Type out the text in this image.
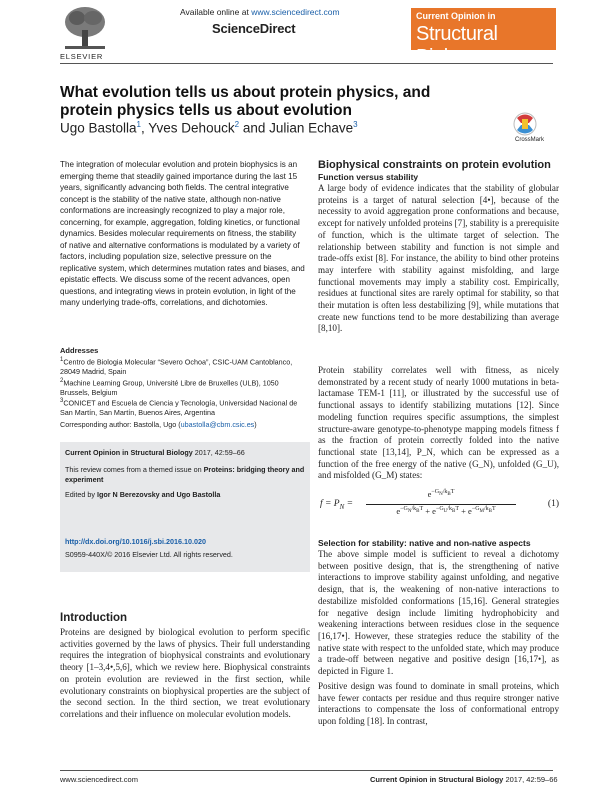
ELSEVIER
Available online at www.sciencedirect.com
ScienceDirect
Current Opinion in
Structural Biology
What evolution tells us about protein physics, and protein physics tells us about evolution
Ugo Bastolla$^1$, Yves Dehouck$^2$ and Julian Echave$^3$
CrossMark
The integration of molecular evolution and protein biophysics is an emerging theme that steadily gained importance during the last 15 years, significantly advancing both fields. The central integrative concept is the stability of the native state, although non-native conformations are increasingly recognized to play a major role, concerning, for example, aggregation, folding kinetics, or functional dynamics. Besides molecular requirements on fitness, the stability of native and alternative conformations is modulated by a variety of factors, including population size, selective pressure on the replicative system, which determines mutation rates and biases, and epistatic effects. We discuss some of the recent advances, open questions, and integrating views in protein evolution, in light of the many underlying trade-offs, correlations, and dichotomies.
Addresses
$^1$Centro de Biologia Molecular “Severo Ochoa”, CSIC-UAM Cantoblanco, 28049 Madrid, Spain
$^2$Machine Learning Group, Université Libre de Bruxelles (ULB), 1050 Brussels, Belgium
$^3$CONICET and Escuela de Ciencia y Tecnología, Universidad Nacional de San Martín, San Martín, Buenos Aires, Argentina
Corresponding author: Bastolla, Ugo (ubastolla@cbm.csic.es)
Current Opinion in Structural Biology 2017, 42:59–66
This review comes from a themed issue on Proteins: bridging theory and experiment
Edited by Igor N Berezovsky and Ugo Bastolla
http://dx.doi.org/10.1016/j.sbi.2016.10.020
S0959-440X/© 2016 Elsevier Ltd. All rights reserved.
Introduction
Proteins are designed by biological evolution to perform specific activities governed by the laws of physics. Their full understanding requires the integration of biophysical constraints and evolutionary theory [1–3,4•,5,6], which we review here. Biophysical constraints on protein evolution are reviewed in the first section, while evolutionary constraints on biophysical properties are the subject of the second section. In the third section, we treat evolutionary correlations and their influence on molecular evolution models.
Biophysical constraints on protein evolution
Function versus stability
A large body of evidence indicates that the stability of globular proteins is a target of natural selection [4•], because of the necessity to avoid aggregation prone conformations and because, except for natively unfolded proteins [7], stability is a prerequisite of function, which is the ultimate target of selection. The relationship between stability and function is not simple and trade-offs exist [8]. For instance, the ability to bind other proteins may interfere with stability against misfolding, and large functional movements may imply a stability cost. Empirically, residues at functional sites are rarely optimal for stability, so that their mutation is often less destabilizing [9], while mutations that create new functions tend to be more destabilizing than average [8,10].
Protein stability correlates well with fitness, as nicely demonstrated by a recent study of nearly 1000 mutations in beta-lactamase TEM-1 [11], or illustrated by the successful use of functional assays to identify stabilizing mutations [12]. Since modeling function requires specific assumptions, the simplest structure-aware genotype-to-phenotype mapping models fitness f as the fraction of protein correctly folded into the native functional state [13,14], P_N, which can be expressed as a function of the free energy of the native (G_N), unfolded (G_U), and misfolded (G_M) states:
$f = P_N$ =
$e^{-G_N/k_BT}$
$e^{-G_N/k_BT} + e^{-G_U/k_BT} + e^{-G_M/k_BT}$
(1)
Selection for stability: native and non-native aspects
The above simple model is sufficient to reveal a dichotomy between positive design, that is, the strengthening of native interactions to improve stability against unfolding, and negative design, that is, the weakening of non-native interactions to destabilize misfolded conformations [15,16]. General strategies for negative design include limiting hydrophobicity and weakening interactions between residues close in the sequence [16,17•]. However, these strategies reduce the stability of the native state with respect to the unfolded state, which may produce a trade-off between negative and positive design [16,17•], as depicted in Figure 1.
Positive design was found to dominate in small proteins, which have fewer contacts per residue and thus require stronger native interactions to compensate the loss of conformational entropy upon folding [18]. In contrast,
www.sciencedirect.com	Current Opinion in Structural Biology 2017, 42:59–66
